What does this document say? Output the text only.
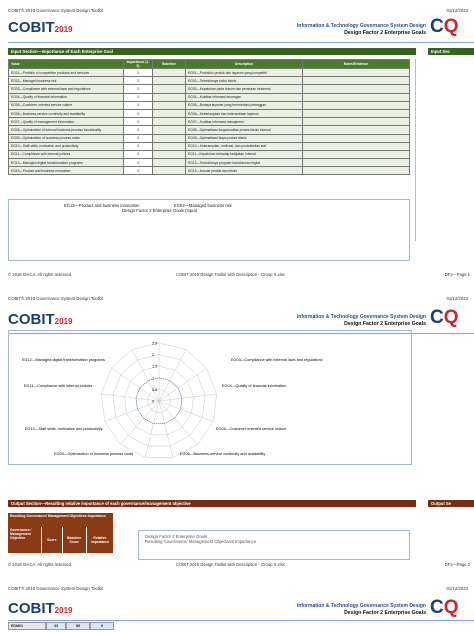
COBIT® 2019 Governance System Design Toolkit	01/12/2023
COBIT2019	Information & Technology Governance System Design
Design Factor 2 Enterprise Goals CQ
Input Section—Importance of Each Enterprise Goal	Input Sec
Value	Importance (1-5)	Baseline	Description	Notes/Evidence
EG01—Portfolio of competitive products and services	3		EG01—Portofolio produk dan layanan yang kompetitif	
EG02—Managed business risk	3		EG02—Terkelolanya risiko bisnis	
EG03—Compliance with external laws and regulations	3		EG03—Kepatuhan pada hukum dan peraturan eksternal	
EG04—Quality of financial information	3		EG04—Kualitas informasi keuangan	
EG05—Customer-oriented service culture	3		EG05—Budaya layanan yang berorientasi pelanggan	
EG06—Business-service continuity and availability	3		EG06—Keberlanjutan dan ketersediaan layanan	
EG07—Quality of management information	3		EG07—Kualitas informasi manajemen	
EG08—Optimization of internal business process functionality	3		EG08—Optimalisasi fungsionalitas proses bisnis internal	
EG09—Optimization of business process costs	3		EG09—Optimalisasi biaya proses bisnis	
EG10—Staff skills, motivation and productivity	3		EG10—Keterampilan, motivasi, dan produktivitas staf	
EG11—Compliance with internal policies	3		EG11—Kepatuhan terhadap kebijakan internal	
EG12—Managed digital transformation programs	3		EG12—Terkelolanya program transformasi digital	
EG13—Product and business innovation	3		EG13—Inovasi produk dan bisnis	
EG13—Product and business innovation	EG02—Managed business risk
Design Factor 2 Enterprise Goals (Input)
© 2018 ISACA. All rights reserved.	COBIT 2019 Design Toolkit with Description - Group X.xlsx	DF2—Page 1
COBIT® 2019 Governance System Design Toolkit	01/12/2023
COBIT2019	Information & Technology Governance System Design
Design Factor 2 Enterprise Goals CQ
2.5
2
1.5
1
0.5
0
EG12—Managed digital transformation programs	EG03—Compliance with external laws and regulations
EG11—Compliance with internal policies	EG04—Quality of financial information
EG10—Staff skills, motivation and productivity	EG05—Customer-oriented service culture
EG09—Optimization of business process costs	EG06—Business-service continuity and availability
Output Section—Resulting relative importance of each governance/management objective	Output Se
Resulting Governance/ Management Objectives Importance
Governance / Management Objective	Score	Baseline Score
Relative Importance
Design Factor 2 Enterprise Goals
Resulting Governance/ Management Objectives Importance
© 2018 ISACA. All rights reserved.	COBIT 2019 Design Toolkit with Description - Group X.xlsx	DF2—Page 2
COBIT® 2019 Governance System Design Toolkit	01/12/2023
COBIT2019	Information & Technology Governance System Design
Design Factor 2 Enterprise Goals CQ
EDM01	33	89	0
